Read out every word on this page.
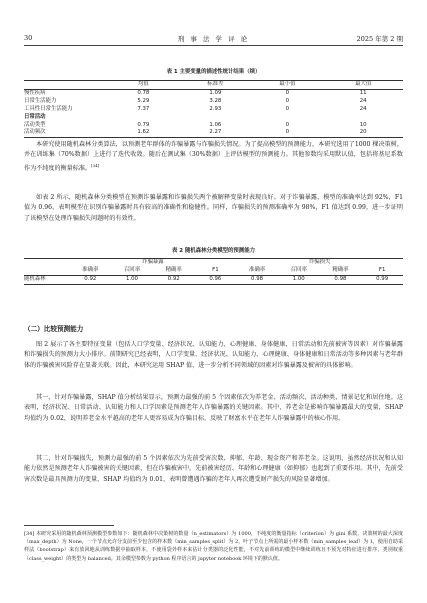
30	刑 事 法 学 评 论	2025 年第 2 期
表 1 主要变量的描述性统计结果（续）
	均值	标准差	最小值	最大值
慢性疾病	0.78	1.09	0	11
日常生活能力	5.29	3.28	0	24
工具性日常生活能力	7.37	2.93	0	24
日常活动				
活动类型	0.79	1.06	0	10
活动频次	1.62	2.27	0	20
本研究使用随机森林分类算法，以预测老年群体的诈骗暴露与诈骗损失情况。为了提高模型的预测能力，本研究选用了1000 棵决策树，并在训练集（70%数据）上进行了迭代收敛。随后在测试集（30%数据）上评估模型的预测能力。其他参数均采用默认值，包括将基尼系数作为不纯度的衡量标准。[34]
如表 2 所示，随机森林分类模型在预测诈骗暴露和诈骗损失两个被解释变量时表现良好。对于诈骗暴露，模型的准确率达到 92%，F1 值为 0.96，表明模型在识别诈骗暴露时具有较高的准确性和稳健性。同样，诈骗损失的预测准确率为 98%，F1 值达到 0.99，进一步证明了该模型在处理诈骗损失问题时的有效性。
表 2 随机森林分类模型的预测能力
	诈骗暴露				诈骗损失			
	准确率	召回率	精确率	F1	准确率	召回率	精确率	F1
随机森林	0.92	1.00	0.92	0.96	0.98	1.00	0.98	0.99
（二）比较预测能力
图 2 展示了各主要特征变量（包括人口学变量、经济状况、认知能力、心理健康、身体健康、日常活动和先前被害等因素）对诈骗暴露和诈骗损失的预测力大小排序。前期研究已经表明，人口学变量、经济状况、认知能力、心理健康、身体健康和日常活动等多种因素与老年群体的诈骗被害风险存在显著关联。因此，本研究运用 SHAP 值，进一步分析不同领域的因素对诈骗暴露及被害的具体影响。
其一，针对诈骗暴露，SHAP 值分析结果显示，预测力最强的前 5 个因素依次为养老金、活动频次、活动种类、情景记忆和居住地。这表明，经济状况、日常活动、认知能力和人口学因素是预测老年人诈骗暴露的关键因素。其中，养老金是影响诈骗暴露最大的变量，SHAP 均值约为 0.02，说明养老金水平越高的老年人更容易成为诈骗目标，反映了财富水平在老年人诈骗暴露中的核心作用。
其二，针对诈骗损失，预测力最强的前 5 个因素依次为先前受害次数、抑郁、年龄、现金资产和养老金。这说明，虽然经济状况和认知能力依然是预测老年人诈骗被害的关键因素，但在诈骗被害中，先前被害经历、年龄和心理健康（如抑郁）也起到了重要作用。其中，先前受害次数是最具预测力的变量，SHAP 均值约为 0.01，表明曾遭遇诈骗的老年人再次遭受财产损失的风险显著增加。
[34] 本研究采用的随机森林预测模型参数如下：随机森林中决策树的数量（n_estimators）为 1000，不纯度的衡量指标（criterion）为 gini 系数，决策树的最大深度（max_depth）为 None，一个节点允许分支前至少包含的样本数（min_samples_split）为 2，叶子节点上所需的最小样本数（min_samples_leaf）为 1，使用自助采样法（bootstrap）来有放回地从训练数据中抽取样本，不使用袋外样本来估计分类器的泛化性能，不对先前训练的模型中继续训练且不预先对特征进行排序，类别权重（class_weight）的类型为 balanced。其余模型参数为 python 程序语言的 jupyter notebook 环境下的默认值。
